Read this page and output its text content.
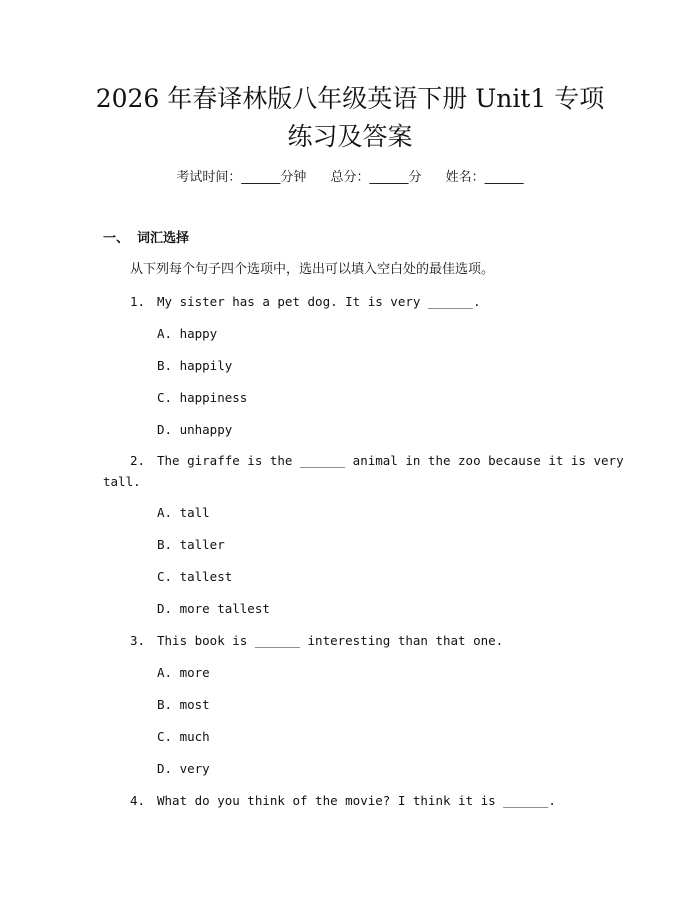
2026 年春译林版八年级英语下册 Unit1 专项
练习及答案
考试时间：______分钟 总分：______分 姓名：______
一、 词汇选择
从下列每个句子四个选项中，选出可以填入空白处的最佳选项。
1. My sister has a pet dog. It is very ______.
A. happy
B. happily
C. happiness
D. unhappy
2. The giraffe is the ______ animal in the zoo because it is very
tall.
A. tall
B. taller
C. tallest
D. more tallest
3. This book is ______ interesting than that one.
A. more
B. most
C. much
D. very
4. What do you think of the movie? I think it is ______.
